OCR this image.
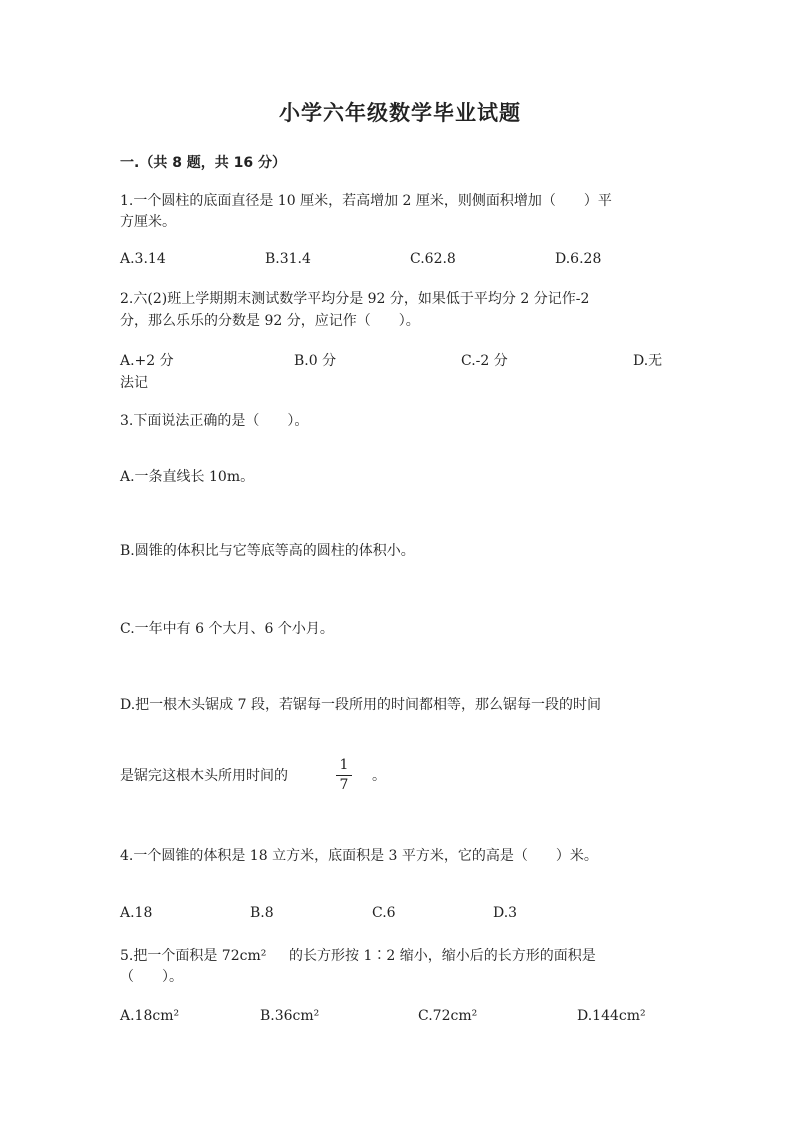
小学六年级数学毕业试题
一.（共 8 题，共 16 分）
1.一个圆柱的底面直径是 10 厘米，若高增加 2 厘米，则侧面积增加（　　）平
方厘米。
A.3.14	B.31.4	C.62.8	D.6.28
2.六(2)班上学期期末测试数学平均分是 92 分，如果低于平均分 2 分记作-2
分，那么乐乐的分数是 92 分，应记作（　　）。
A.+2 分	B.0 分	C.-2 分	D.无
法记
3.下面说法正确的是（　　）。
A.一条直线长 10m。
B.圆锥的体积比与它等底等高的圆柱的体积小。
C.一年中有 6 个大月、6 个小月。
D.把一根木头锯成 7 段，若锯每一段所用的时间都相等，那么锯每一段的时间
是锯完这根木头所用时间的
1
7
。
4.一个圆锥的体积是 18 立方米，底面积是 3 平方米，它的高是（　　）米。
A.18	B.8	C.6	D.3
5.把一个面积是 72cm² 的长方形按 1∶2 缩小，缩小后的长方形的面积是
（　　）。
A.18cm²	B.36cm²	C.72cm²	D.144cm²
